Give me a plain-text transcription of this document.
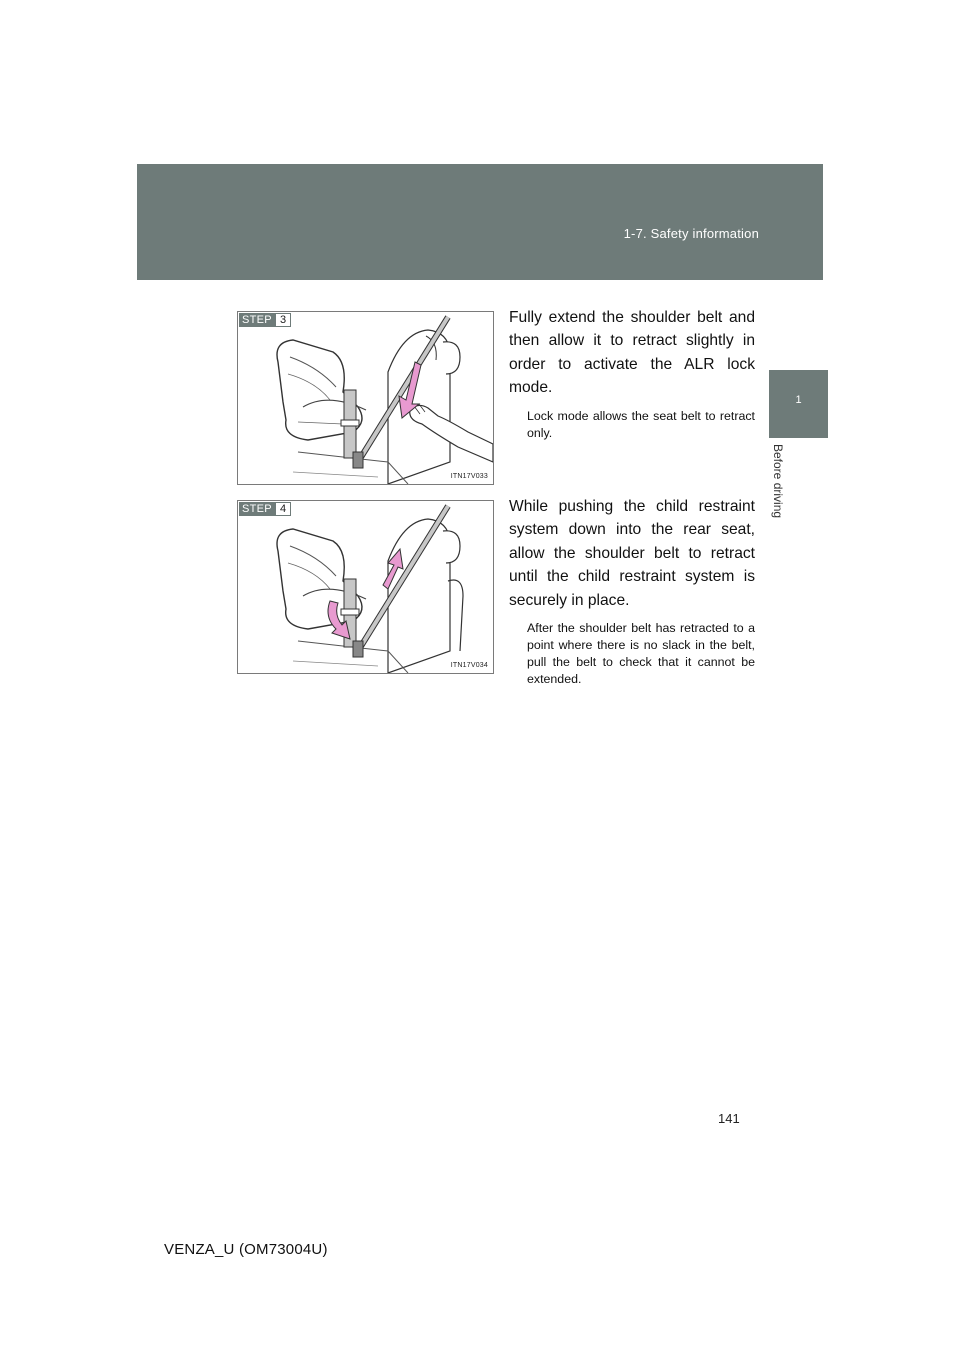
1-7. Safety information
1
Before driving
STEP 3
ITN17V033

Fully extend the shoulder belt and then allow it to retract slightly in order to activate the ALR lock mode.

Lock mode allows the seat belt to retract only.

STEP 4
ITN17V034

While pushing the child restraint system down into the rear seat, allow the shoulder belt to retract until the child restraint system is securely in place.

After the shoulder belt has retracted to a point where there is no slack in the belt, pull the belt to check that it cannot be extended.

141
VENZA_U (OM73004U)
